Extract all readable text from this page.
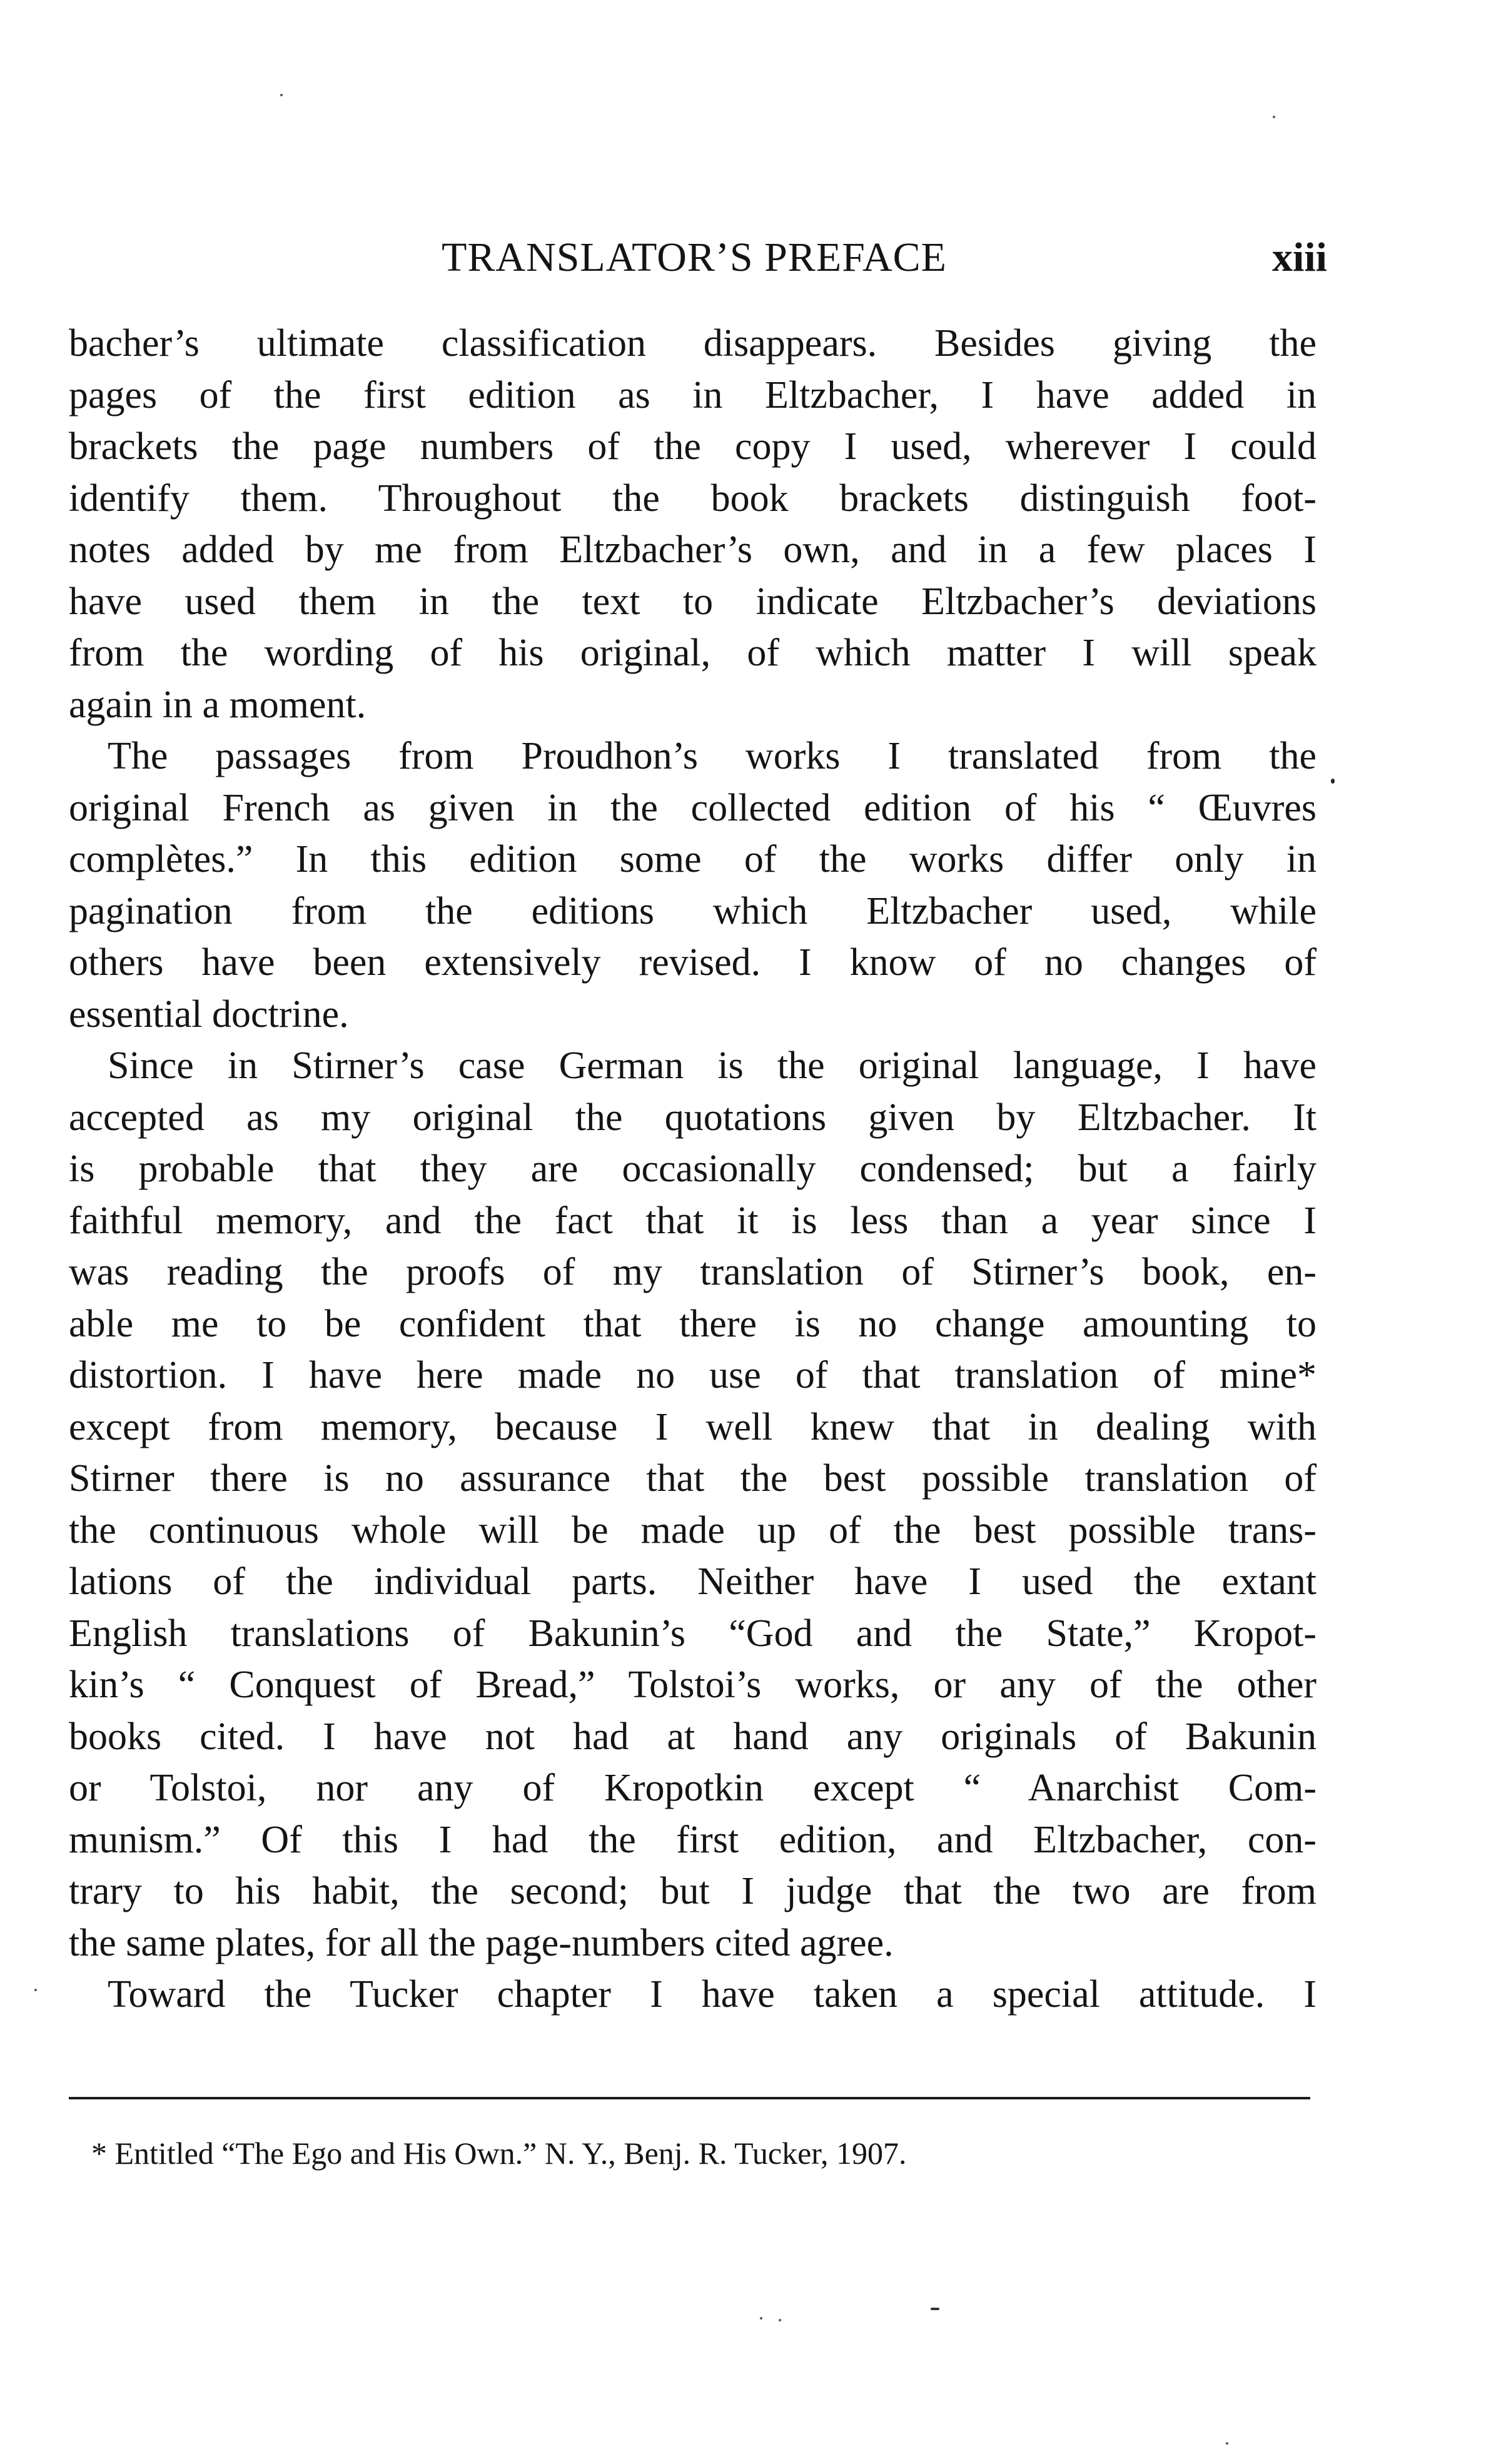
TRANSLATOR’S PREFACE	xiii
bacher’s ultimate classification disappears. Besides giving the
pages of the first edition as in Eltzbacher, I have added in
brackets the page numbers of the copy I used, wherever I could
identify them. Throughout the book brackets distinguish foot-
notes added by me from Eltzbacher’s own, and in a few places I
have used them in the text to indicate Eltzbacher’s deviations
from the wording of his original, of which matter I will speak
again in a moment.
The passages from Proudhon’s works I translated from the
original French as given in the collected edition of his “ Œuvres
complètes.” In this edition some of the works differ only in
pagination from the editions which Eltzbacher used, while
others have been extensively revised. I know of no changes of
essential doctrine.
Since in Stirner’s case German is the original language, I have
accepted as my original the quotations given by Eltzbacher. It
is probable that they are occasionally condensed; but a fairly
faithful memory, and the fact that it is less than a year since I
was reading the proofs of my translation of Stirner’s book, en-
able me to be confident that there is no change amounting to
distortion. I have here made no use of that translation of mine*
except from memory, because I well knew that in dealing with
Stirner there is no assurance that the best possible translation of
the continuous whole will be made up of the best possible trans-
lations of the individual parts. Neither have I used the extant
English translations of Bakunin’s “God and the State,” Kropot-
kin’s “ Conquest of Bread,” Tolstoi’s works, or any of the other
books cited. I have not had at hand any originals of Bakunin
or Tolstoi, nor any of Kropotkin except “ Anarchist Com-
munism.” Of this I had the first edition, and Eltzbacher, con-
trary to his habit, the second; but I judge that the two are from
the same plates, for all the page-numbers cited agree.
Toward the Tucker chapter I have taken a special attitude. I
* Entitled “The Ego and His Own.” N. Y., Benj. R. Tucker, 1907.
